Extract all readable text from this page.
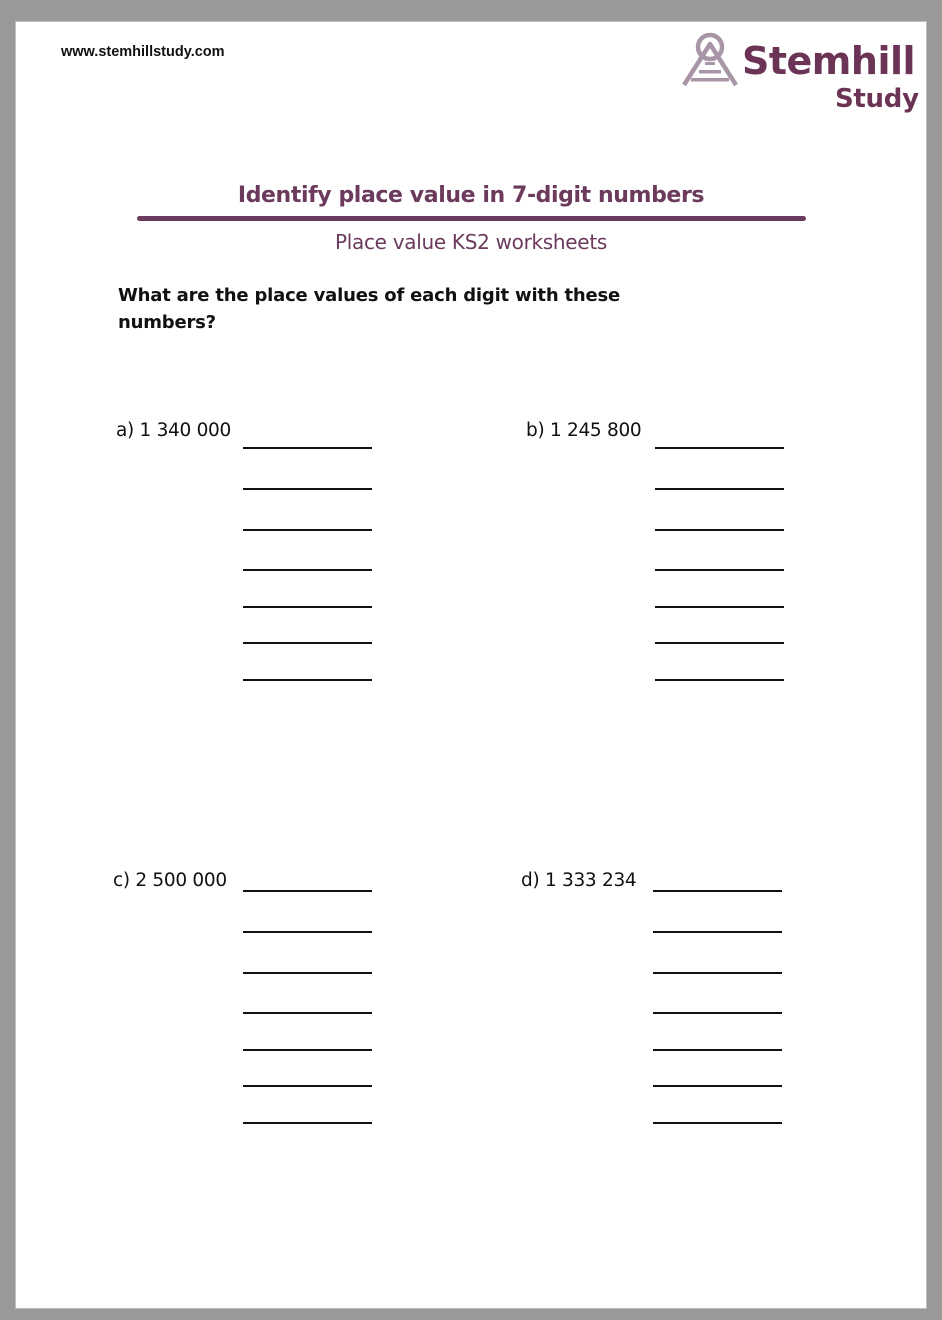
www.stemhillstudy.com	Stemhill
Study
Identify place value in 7-digit numbers
Place value KS2 worksheets
What are the place values of each digit with these numbers?
a) 1 340 000	b) 1 245 800
c) 2 500 000	d) 1 333 234
